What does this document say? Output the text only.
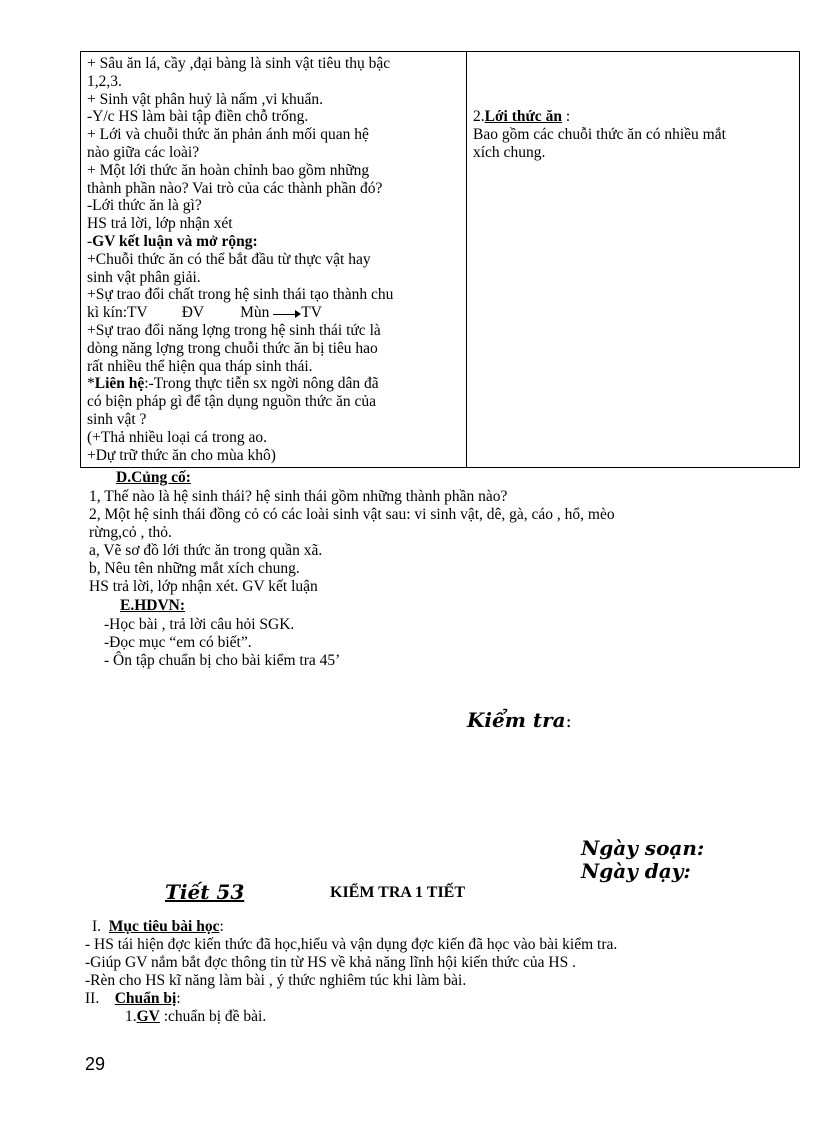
+ Sâu ăn lá, cầy ,đại bàng là sinh vật tiêu thụ bậc
1,2,3.
+ Sinh vật phân huỷ là nấm ,vi khuẩn.
-Y/c HS làm bài tập điền chỗ trống.
+ Lới và chuỗi thức ăn phản ánh mối quan hệ
nào giữa các loài?
+ Một lới thức ăn hoàn chỉnh bao gồm những
thành phần nào? Vai trò của các thành phần đó?
-Lới thức ăn là gì?
HS trả lời, lớp nhận xét
-GV kết luận và mở rộng:
+Chuỗi thức ăn có thể bắt đầu từ thực vật hay
sinh vật phân giải.
+Sự trao đổi chất trong hệ sinh thái tạo thành chu
kì kín:TV ĐV Mùn TV
+Sự trao đổi năng lợng trong hệ sinh thái tức là
dòng năng lợng trong chuỗi thức ăn bị tiêu hao
rất nhiều thể hiện qua tháp sinh thái.
*Liên hệ:-Trong thực tiễn sx ngời nông dân đã
có biện pháp gì để tận dụng nguồn thức ăn của
sinh vật ?
(+Thả nhiều loại cá trong ao.
+Dự trữ thức ăn cho mùa khô)

2.Lới thức ăn :
Bao gồm các chuỗi thức ăn có nhiều mắt
xích chung.
D.Củng cố:
1, Thế nào là hệ sinh thái? hệ sinh thái gồm những thành phần nào?
2, Một hệ sinh thái đồng cỏ có các loài sinh vật sau: vi sinh vật, dê, gà, cáo , hổ, mèo
rừng,cỏ , thỏ.
a, Vẽ sơ đồ lới thức ăn trong quần xã.
b, Nêu tên những mắt xích chung.
HS trả lời, lớp nhận xét. GV kết luận
E.HDVN:
-Học bài , trả lời câu hỏi SGK.
-Đọc mục “em có biết”.
- Ôn tập chuẩn bị cho bài kiểm tra 45’
Kiểm tra:
Ngày soạn:
Ngày dạy:
Tiết 53	KIỂM TRA 1 TIẾT
I. Mục tiêu bài học:
- HS tái hiện đợc kiến thức đã học,hiểu và vận dụng đợc kiến đã học vào bài kiểm tra.
-Giúp GV nắm bắt đợc thông tin từ HS về khả năng lĩnh hội kiến thức của HS .
-Rèn cho HS kĩ năng làm bài , ý thức nghiêm túc khi làm bài.
II. Chuẩn bị:
1.GV :chuẩn bị đề bài.
29
